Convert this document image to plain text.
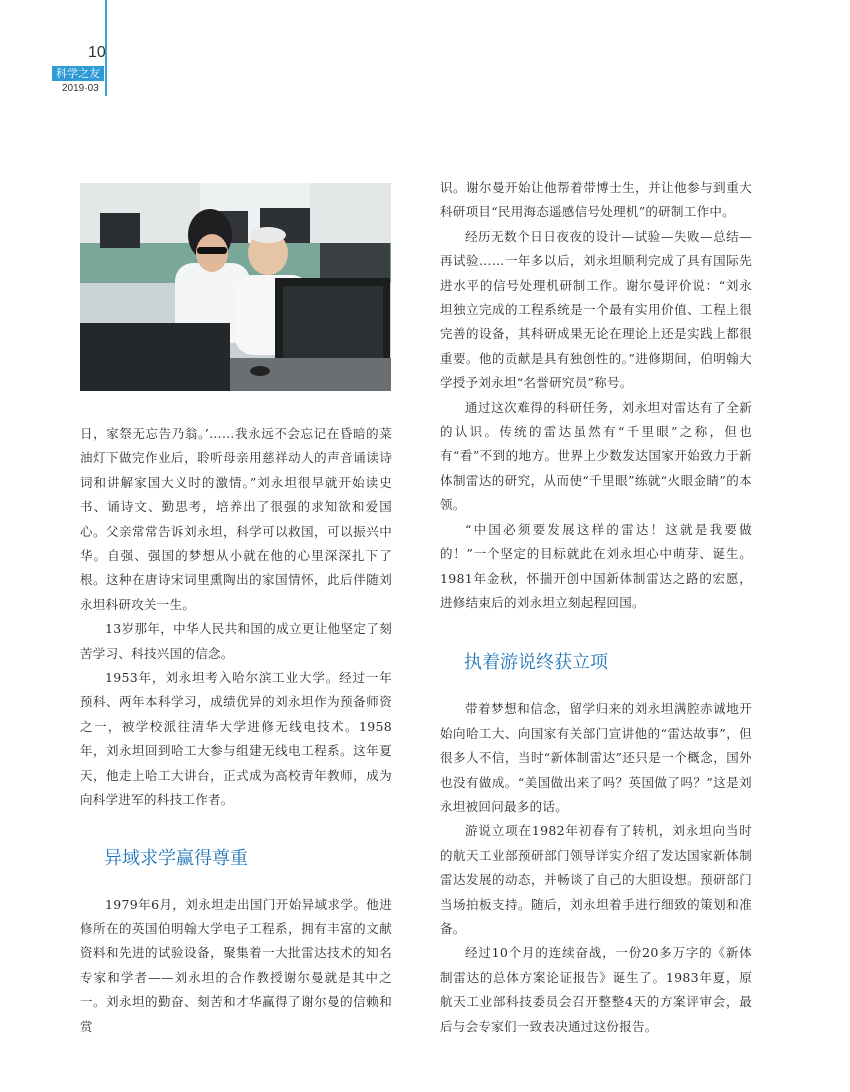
10
科学之友
2019·03

日，家祭无忘告乃翁。’……我永远不会忘记在昏暗的菜油灯下做完作业后，聆听母亲用慈祥动人的声音诵读诗词和讲解家国大义时的激情。”刘永坦很早就开始读史书、诵诗文、勤思考，培养出了很强的求知欲和爱国心。父亲常常告诉刘永坦，科学可以救国，可以振兴中华。自强、强国的梦想从小就在他的心里深深扎下了根。这种在唐诗宋词里熏陶出的家国情怀，此后伴随刘永坦科研攻关一生。

13岁那年，中华人民共和国的成立更让他坚定了刻苦学习、科技兴国的信念。

1953年，刘永坦考入哈尔滨工业大学。经过一年预科、两年本科学习，成绩优异的刘永坦作为预备师资之一，被学校派往清华大学进修无线电技术。1958年，刘永坦回到哈工大参与组建无线电工程系。这年夏天，他走上哈工大讲台，正式成为高校青年教师，成为向科学进军的科技工作者。

异域求学赢得尊重

1979年6月，刘永坦走出国门开始异域求学。他进修所在的英国伯明翰大学电子工程系，拥有丰富的文献资料和先进的试验设备，聚集着一大批雷达技术的知名专家和学者——刘永坦的合作教授谢尔曼就是其中之一。刘永坦的勤奋、刻苦和才华赢得了谢尔曼的信赖和赏

识。谢尔曼开始让他帮着带博士生，并让他参与到重大科研项目“民用海态遥感信号处理机”的研制工作中。

经历无数个日日夜夜的设计—试验—失败—总结—再试验……一年多以后，刘永坦顺利完成了具有国际先进水平的信号处理机研制工作。谢尔曼评价说：“刘永坦独立完成的工程系统是一个最有实用价值、工程上很完善的设备，其科研成果无论在理论上还是实践上都很重要。他的贡献是具有独创性的。”进修期间，伯明翰大学授予刘永坦“名誉研究员”称号。

通过这次难得的科研任务，刘永坦对雷达有了全新的认识。传统的雷达虽然有“千里眼”之称，但也有“看”不到的地方。世界上少数发达国家开始致力于新体制雷达的研究，从而使“千里眼”练就“火眼金睛”的本领。

“中国必须要发展这样的雷达！这就是我要做的！”一个坚定的目标就此在刘永坦心中萌芽、诞生。1981年金秋，怀揣开创中国新体制雷达之路的宏愿，进修结束后的刘永坦立刻起程回国。

执着游说终获立项

带着梦想和信念，留学归来的刘永坦满腔赤诚地开始向哈工大、向国家有关部门宣讲他的“雷达故事”，但很多人不信，当时“新体制雷达”还只是一个概念，国外也没有做成。“美国做出来了吗？英国做了吗？”这是刘永坦被回问最多的话。

游说立项在1982年初春有了转机，刘永坦向当时的航天工业部预研部门领导详实介绍了发达国家新体制雷达发展的动态，并畅谈了自己的大胆设想。预研部门当场拍板支持。随后，刘永坦着手进行细致的策划和准备。

经过10个月的连续奋战，一份20多万字的《新体制雷达的总体方案论证报告》诞生了。1983年夏，原航天工业部科技委员会召开整整4天的方案评审会，最后与会专家们一致表决通过这份报告。
